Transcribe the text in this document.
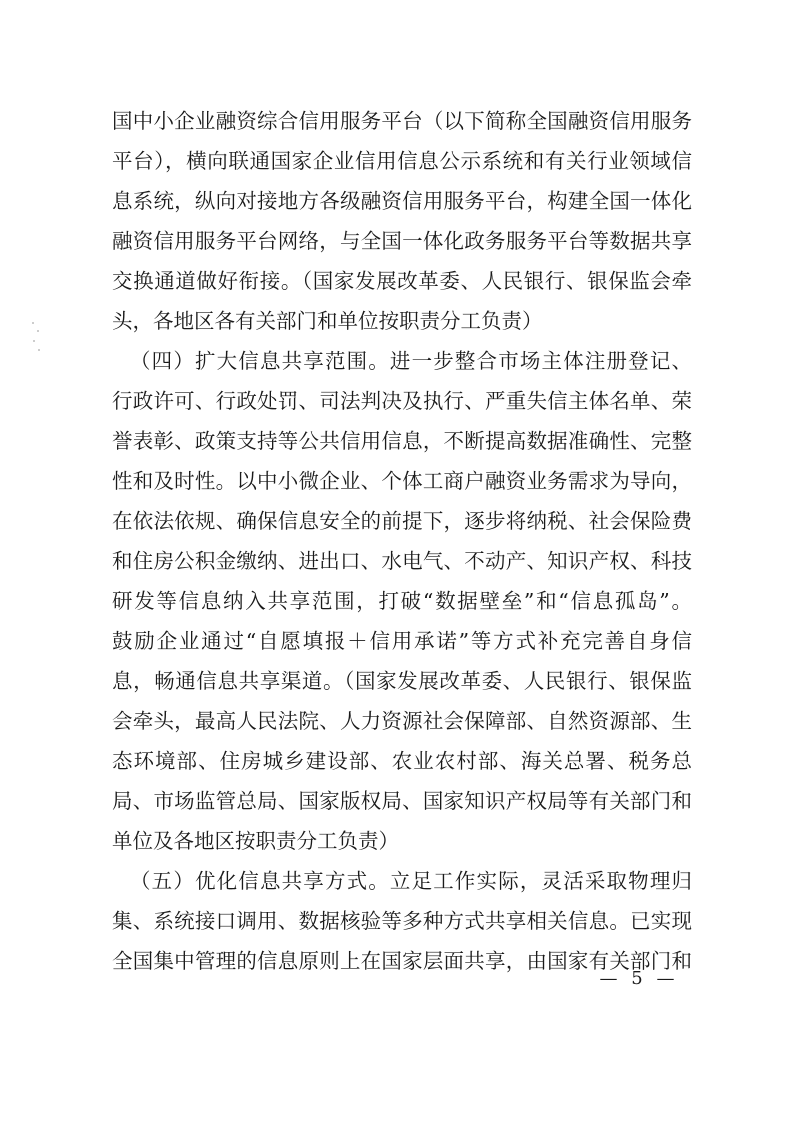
国中小企业融资综合信用服务平台（以下简称全国融资信用服务
平台），横向联通国家企业信用信息公示系统和有关行业领域信
息系统，纵向对接地方各级融资信用服务平台，构建全国一体化
融资信用服务平台网络，与全国一体化政务服务平台等数据共享
交换通道做好衔接。（国家发展改革委、人民银行、银保监会牵
头，各地区各有关部门和单位按职责分工负责）
（四）扩大信息共享范围。进一步整合市场主体注册登记、
行政许可、行政处罚、司法判决及执行、严重失信主体名单、荣
誉表彰、政策支持等公共信用信息，不断提高数据准确性、完整
性和及时性。以中小微企业、个体工商户融资业务需求为导向，
在依法依规、确保信息安全的前提下，逐步将纳税、社会保险费
和住房公积金缴纳、进出口、水电气、不动产、知识产权、科技
研发等信息纳入共享范围，打破“数据壁垒”和“信息孤岛”。
鼓励企业通过“自愿填报＋信用承诺”等方式补充完善自身信
息，畅通信息共享渠道。（国家发展改革委、人民银行、银保监
会牵头，最高人民法院、人力资源社会保障部、自然资源部、生
态环境部、住房城乡建设部、农业农村部、海关总署、税务总
局、市场监管总局、国家版权局、国家知识产权局等有关部门和
单位及各地区按职责分工负责）
（五）优化信息共享方式。立足工作实际，灵活采取物理归
集、系统接口调用、数据核验等多种方式共享相关信息。已实现
全国集中管理的信息原则上在国家层面共享，由国家有关部门和
— 5 —
